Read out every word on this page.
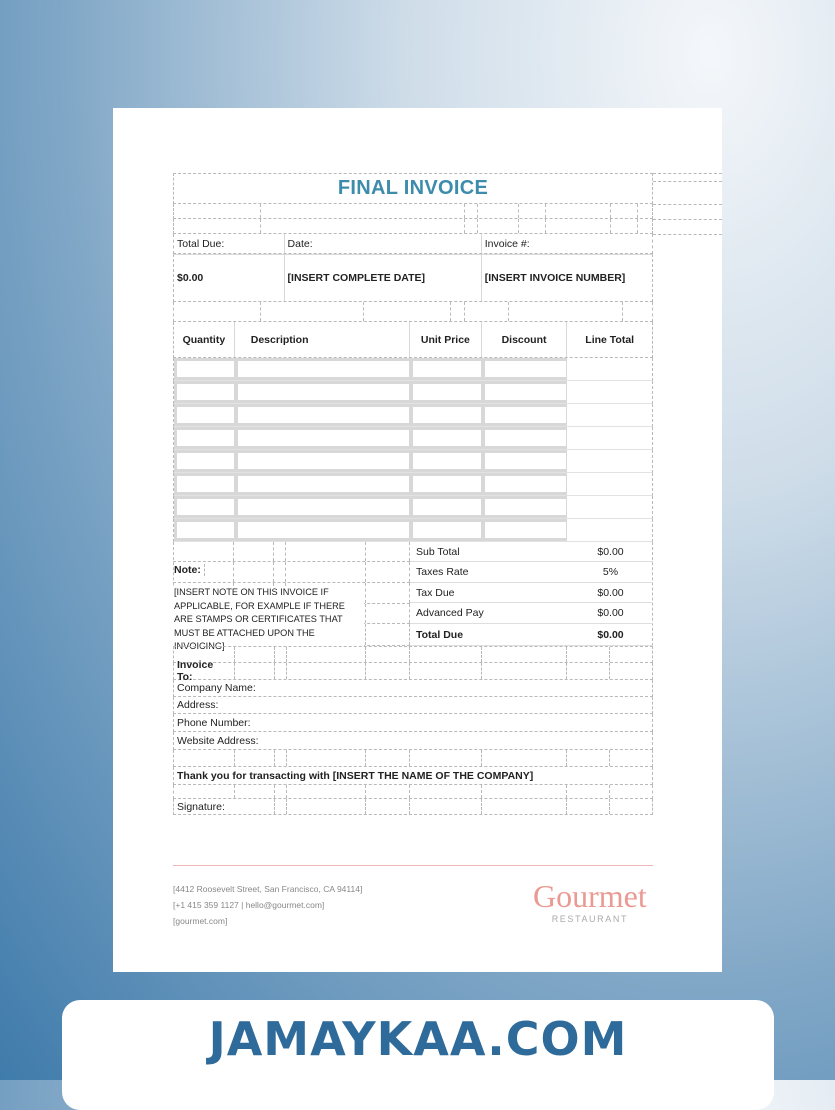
FINAL INVOICE
Total Due:	Date:	Invoice #:
$0.00	[INSERT COMPLETE DATE]	[INSERT INVOICE NUMBER]
Quantity	Description	Unit Price	Discount	Line Total
Note:
[INSERT NOTE ON THIS INVOICE IF APPLICABLE, FOR EXAMPLE IF THERE ARE STAMPS OR CERTIFICATES THAT MUST BE ATTACHED UPON THE INVOICING]
Sub Total	$0.00
Taxes Rate	5%
Tax Due	$0.00
Advanced Pay	$0.00
Total Due	$0.00
Invoice To:
Company Name:
Address:
Phone Number:
Website Address:
Thank you for transacting with [INSERT THE NAME OF THE COMPANY]
Signature:
[4412 Roosevelt Street, San Francisco, CA 94114]
[+1 415 359 1127 | hello@gourmet.com]
[gourmet.com]
Gourmet
RESTAURANT
JAMAYKAA.COM
